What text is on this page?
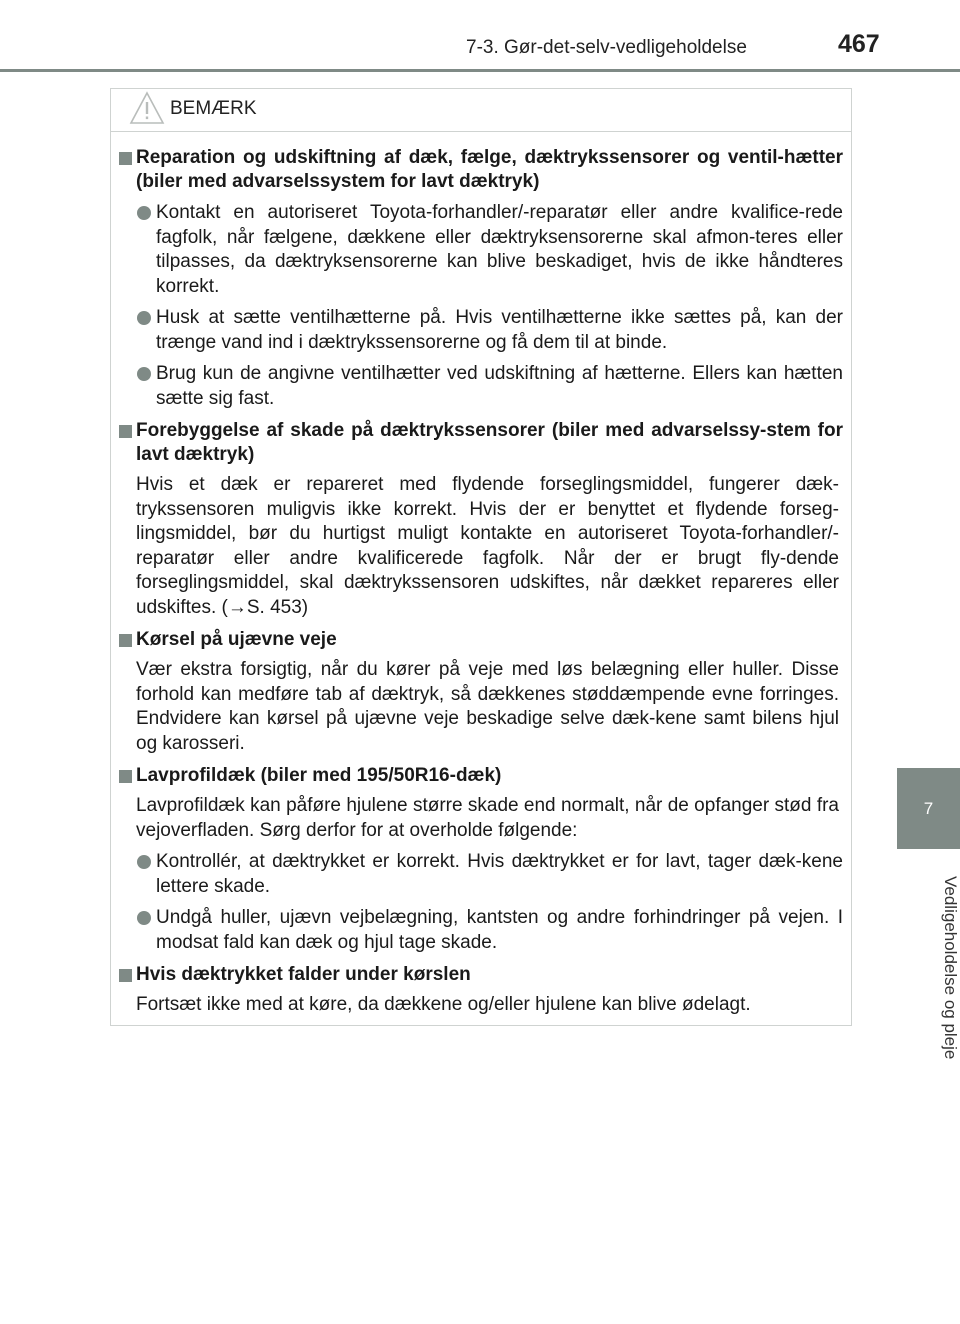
7-3. Gør-det-selv-vedligeholdelse	467
7
Vedligeholdelse og pleje
BEMÆRK
Reparation og udskiftning af dæk, fælge, dæktrykssensorer og ventil-hætter (biler med advarselssystem for lavt dæktryk)
Kontakt en autoriseret Toyota-forhandler/-reparatør eller andre kvalifice-rede fagfolk, når fælgene, dækkene eller dæktryksensorerne skal afmon-teres eller tilpasses, da dæktryksensorerne kan blive beskadiget, hvis de ikke håndteres korrekt.
Husk at sætte ventilhætterne på. Hvis ventilhætterne ikke sættes på, kan der trænge vand ind i dæktrykssensorerne og få dem til at binde.
Brug kun de angivne ventilhætter ved udskiftning af hætterne. Ellers kan hætten sætte sig fast.
Forebyggelse af skade på dæktrykssensorer (biler med advarselssy-stem for lavt dæktryk)
Hvis et dæk er repareret med flydende forseglingsmiddel, fungerer dæk-trykssensoren muligvis ikke korrekt. Hvis der er benyttet et flydende forseg-lingsmiddel, bør du hurtigst muligt kontakte en autoriseret Toyota-forhandler/-reparatør eller andre kvalificerede fagfolk. Når der er brugt fly-dende forseglingsmiddel, skal dæktrykssensoren udskiftes, når dækket repareres eller udskiftes. (→S. 453)
Kørsel på ujævne veje
Vær ekstra forsigtig, når du kører på veje med løs belægning eller huller. Disse forhold kan medføre tab af dæktryk, så dækkenes støddæmpende evne forringes. Endvidere kan kørsel på ujævne veje beskadige selve dæk-kene samt bilens hjul og karosseri.
Lavprofildæk (biler med 195/50R16-dæk)
Lavprofildæk kan påføre hjulene større skade end normalt, når de opfanger stød fra vejoverfladen. Sørg derfor for at overholde følgende:
Kontrollér, at dæktrykket er korrekt. Hvis dæktrykket er for lavt, tager dæk-kene lettere skade.
Undgå huller, ujævn vejbelægning, kantsten og andre forhindringer på vejen. I modsat fald kan dæk og hjul tage skade.
Hvis dæktrykket falder under kørslen
Fortsæt ikke med at køre, da dækkene og/eller hjulene kan blive ødelagt.
